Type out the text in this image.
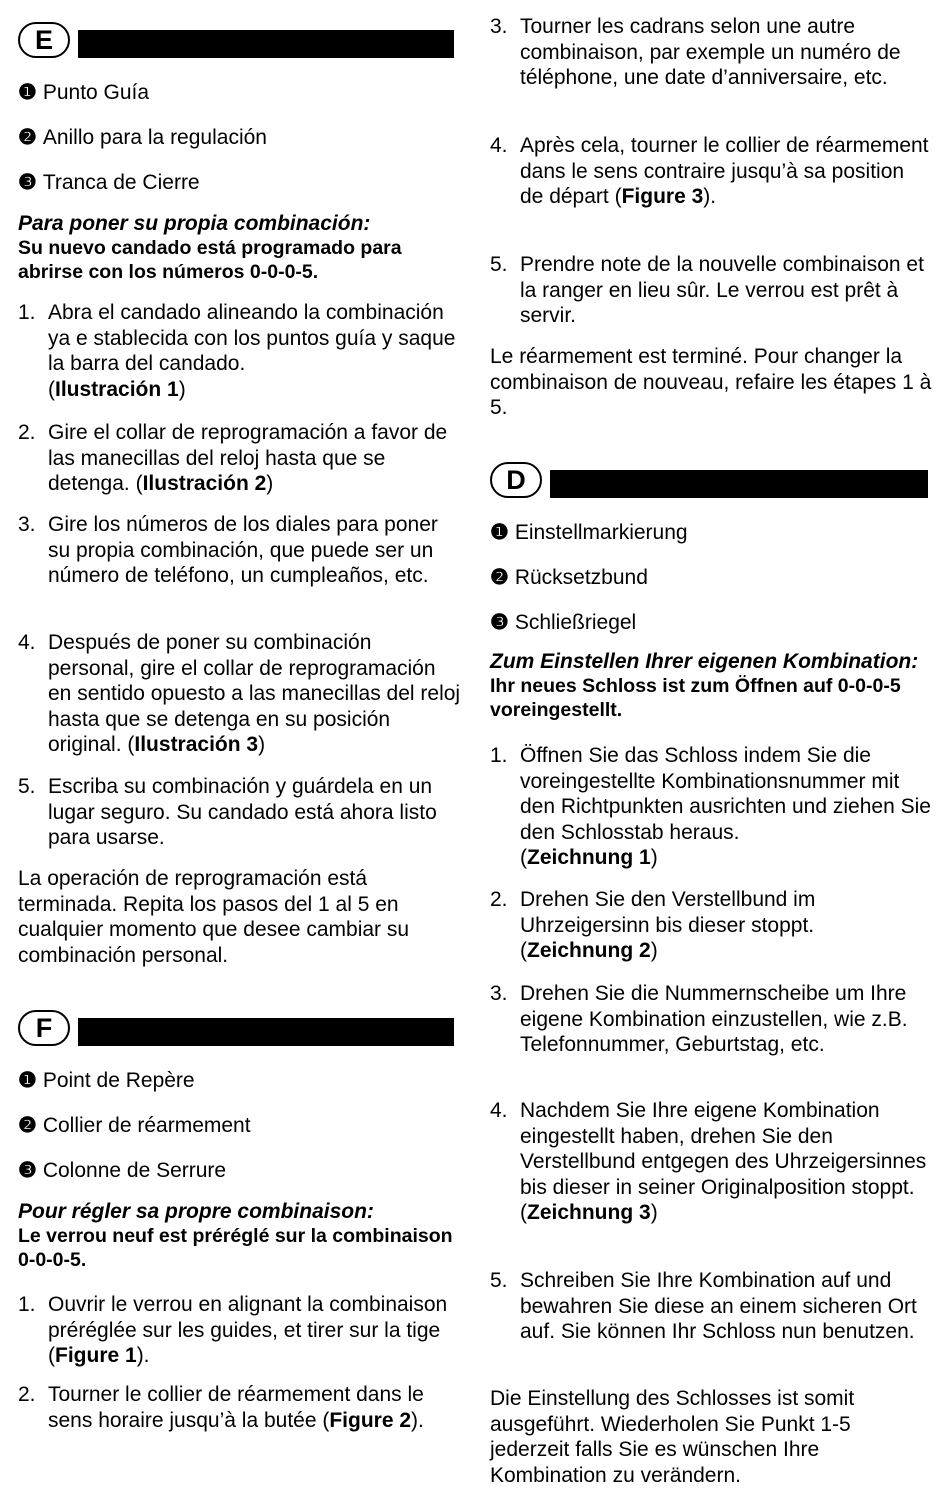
E

❶ Punto Guía

❷ Anillo para la regulación

❸ Tranca de Cierre

Para poner su propia combinación:
Su nuevo candado está programado para abrirse con los números 0-0-0-5.

1. Abra el candado alineando la combinación ya e stablecida con los puntos guía y saque la barra del candado.
(Ilustración 1)

2. Gire el collar de reprogramación a favor de las manecillas del reloj hasta que se detenga. (Ilustración 2)

3. Gire los números de los diales para poner su propia combinación, que puede ser un número de teléfono, un cumpleaños, etc.

4. Después de poner su combinación personal, gire el collar de reprogramación en sentido opuesto a las manecillas del reloj hasta que se detenga en su posición original. (Ilustración 3)

5. Escriba su combinación y guárdela en un lugar seguro. Su candado está ahora listo para usarse.

La operación de reprogramación está terminada. Repita los pasos del 1 al 5 en cualquier momento que desee cambiar su combinación personal.

F

❶ Point de Repère

❷ Collier de réarmement

❸ Colonne de Serrure

Pour régler sa propre combinaison:
Le verrou neuf est préréglé sur la combinaison 0-0-0-5.

1. Ouvrir le verrou en alignant la combinaison préréglée sur les guides, et tirer sur la tige (Figure 1).

2. Tourner le collier de réarmement dans le sens horaire jusqu’à la butée (Figure 2).

3. Tourner les cadrans selon une autre combinaison, par exemple un numéro de téléphone, une date d’anniversaire, etc.

4. Après cela, tourner le collier de réarmement dans le sens contraire jusqu’à sa position de départ (Figure 3).

5. Prendre note de la nouvelle combinaison et la ranger en lieu sûr. Le verrou est prêt à servir.

Le réarmement est terminé. Pour changer la combinaison de nouveau, refaire les étapes 1 à 5.

D

❶ Einstellmarkierung

❷ Rücksetzbund

❸ Schließriegel

Zum Einstellen Ihrer eigenen Kombination: Ihr neues Schloss ist zum Öffnen auf 0-0-0-5 voreingestellt.

1. Öffnen Sie das Schloss indem Sie die voreingestellte Kombinationsnummer mit den Richtpunkten ausrichten und ziehen Sie den Schlosstab heraus.
(Zeichnung 1)

2. Drehen Sie den Verstellbund im Uhrzeigersinn bis dieser stoppt.
(Zeichnung 2)

3. Drehen Sie die Nummernscheibe um Ihre eigene Kombination einzustellen, wie z.B. Telefonnummer, Geburtstag, etc.

4. Nachdem Sie Ihre eigene Kombination eingestellt haben, drehen Sie den Verstellbund entgegen des Uhrzeigersinnes bis dieser in seiner Originalposition stoppt. (Zeichnung 3)

5. Schreiben Sie Ihre Kombination auf und bewahren Sie diese an einem sicheren Ort auf. Sie können Ihr Schloss nun benutzen.

Die Einstellung des Schlosses ist somit ausgeführt. Wiederholen Sie Punkt 1-5 jederzeit falls Sie es wünschen Ihre Kombination zu verändern.
